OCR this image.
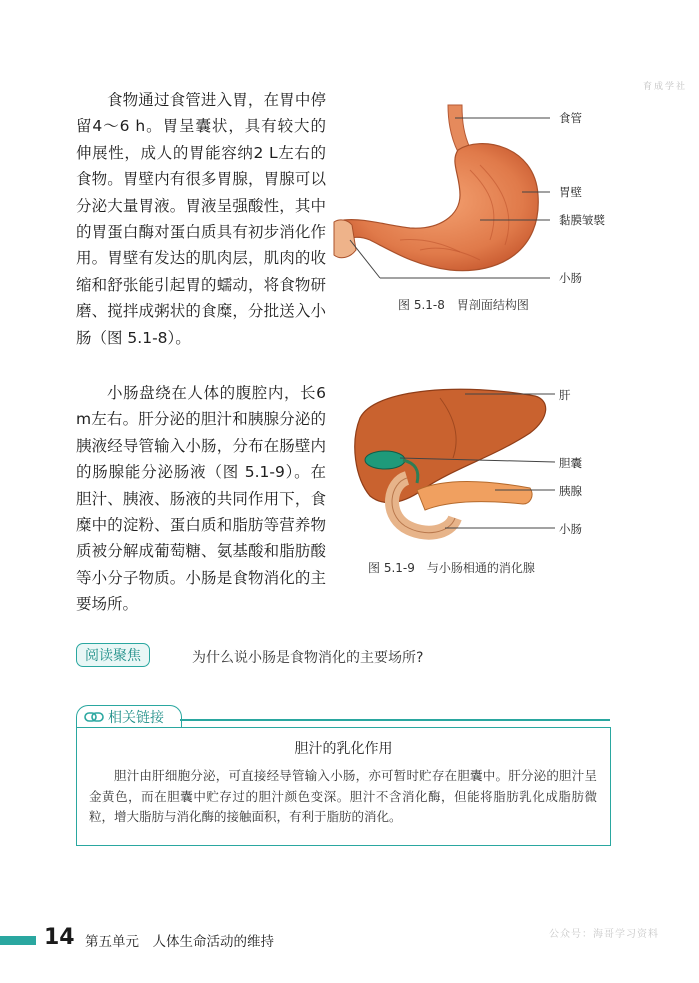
育成学社

食物通过食管进入胃，在胃中停留4～6 h。胃呈囊状，具有较大的伸展性，成人的胃能容纳2 L左右的食物。胃壁内有很多胃腺，胃腺可以分泌大量胃液。胃液呈强酸性，其中的胃蛋白酶对蛋白质具有初步消化作用。胃壁有发达的肌肉层，肌肉的收缩和舒张能引起胃的蠕动，将食物研磨、搅拌成粥状的食糜，分批送入小肠（图 5.1-8）。

小肠盘绕在人体的腹腔内，长6 m左右。肝分泌的胆汁和胰腺分泌的胰液经导管输入小肠，分布在肠壁内的肠腺能分泌肠液（图 5.1-9）。在胆汁、胰液、肠液的共同作用下，食糜中的淀粉、蛋白质和脂肪等营养物质被分解成葡萄糖、氨基酸和脂肪酸等小分子物质。小肠是食物消化的主要场所。

食管
胃壁
黏膜皱襞
小肠
图 5.1-8　胃剖面结构图
肝
胆囊
胰腺
小肠
图 5.1-9　与小肠相通的消化腺
阅读聚焦	为什么说小肠是食物消化的主要场所?
相关链接
胆汁的乳化作用
胆汁由肝细胞分泌，可直接经导管输入小肠，亦可暂时贮存在胆囊中。肝分泌的胆汁呈金黄色，而在胆囊中贮存过的胆汁颜色变深。胆汁不含消化酶，但能将脂肪乳化成脂肪微粒，增大脂肪与消化酶的接触面积，有利于脂肪的消化。
14 第五单元　人体生命活动的维持	公众号：海哥学习资料
